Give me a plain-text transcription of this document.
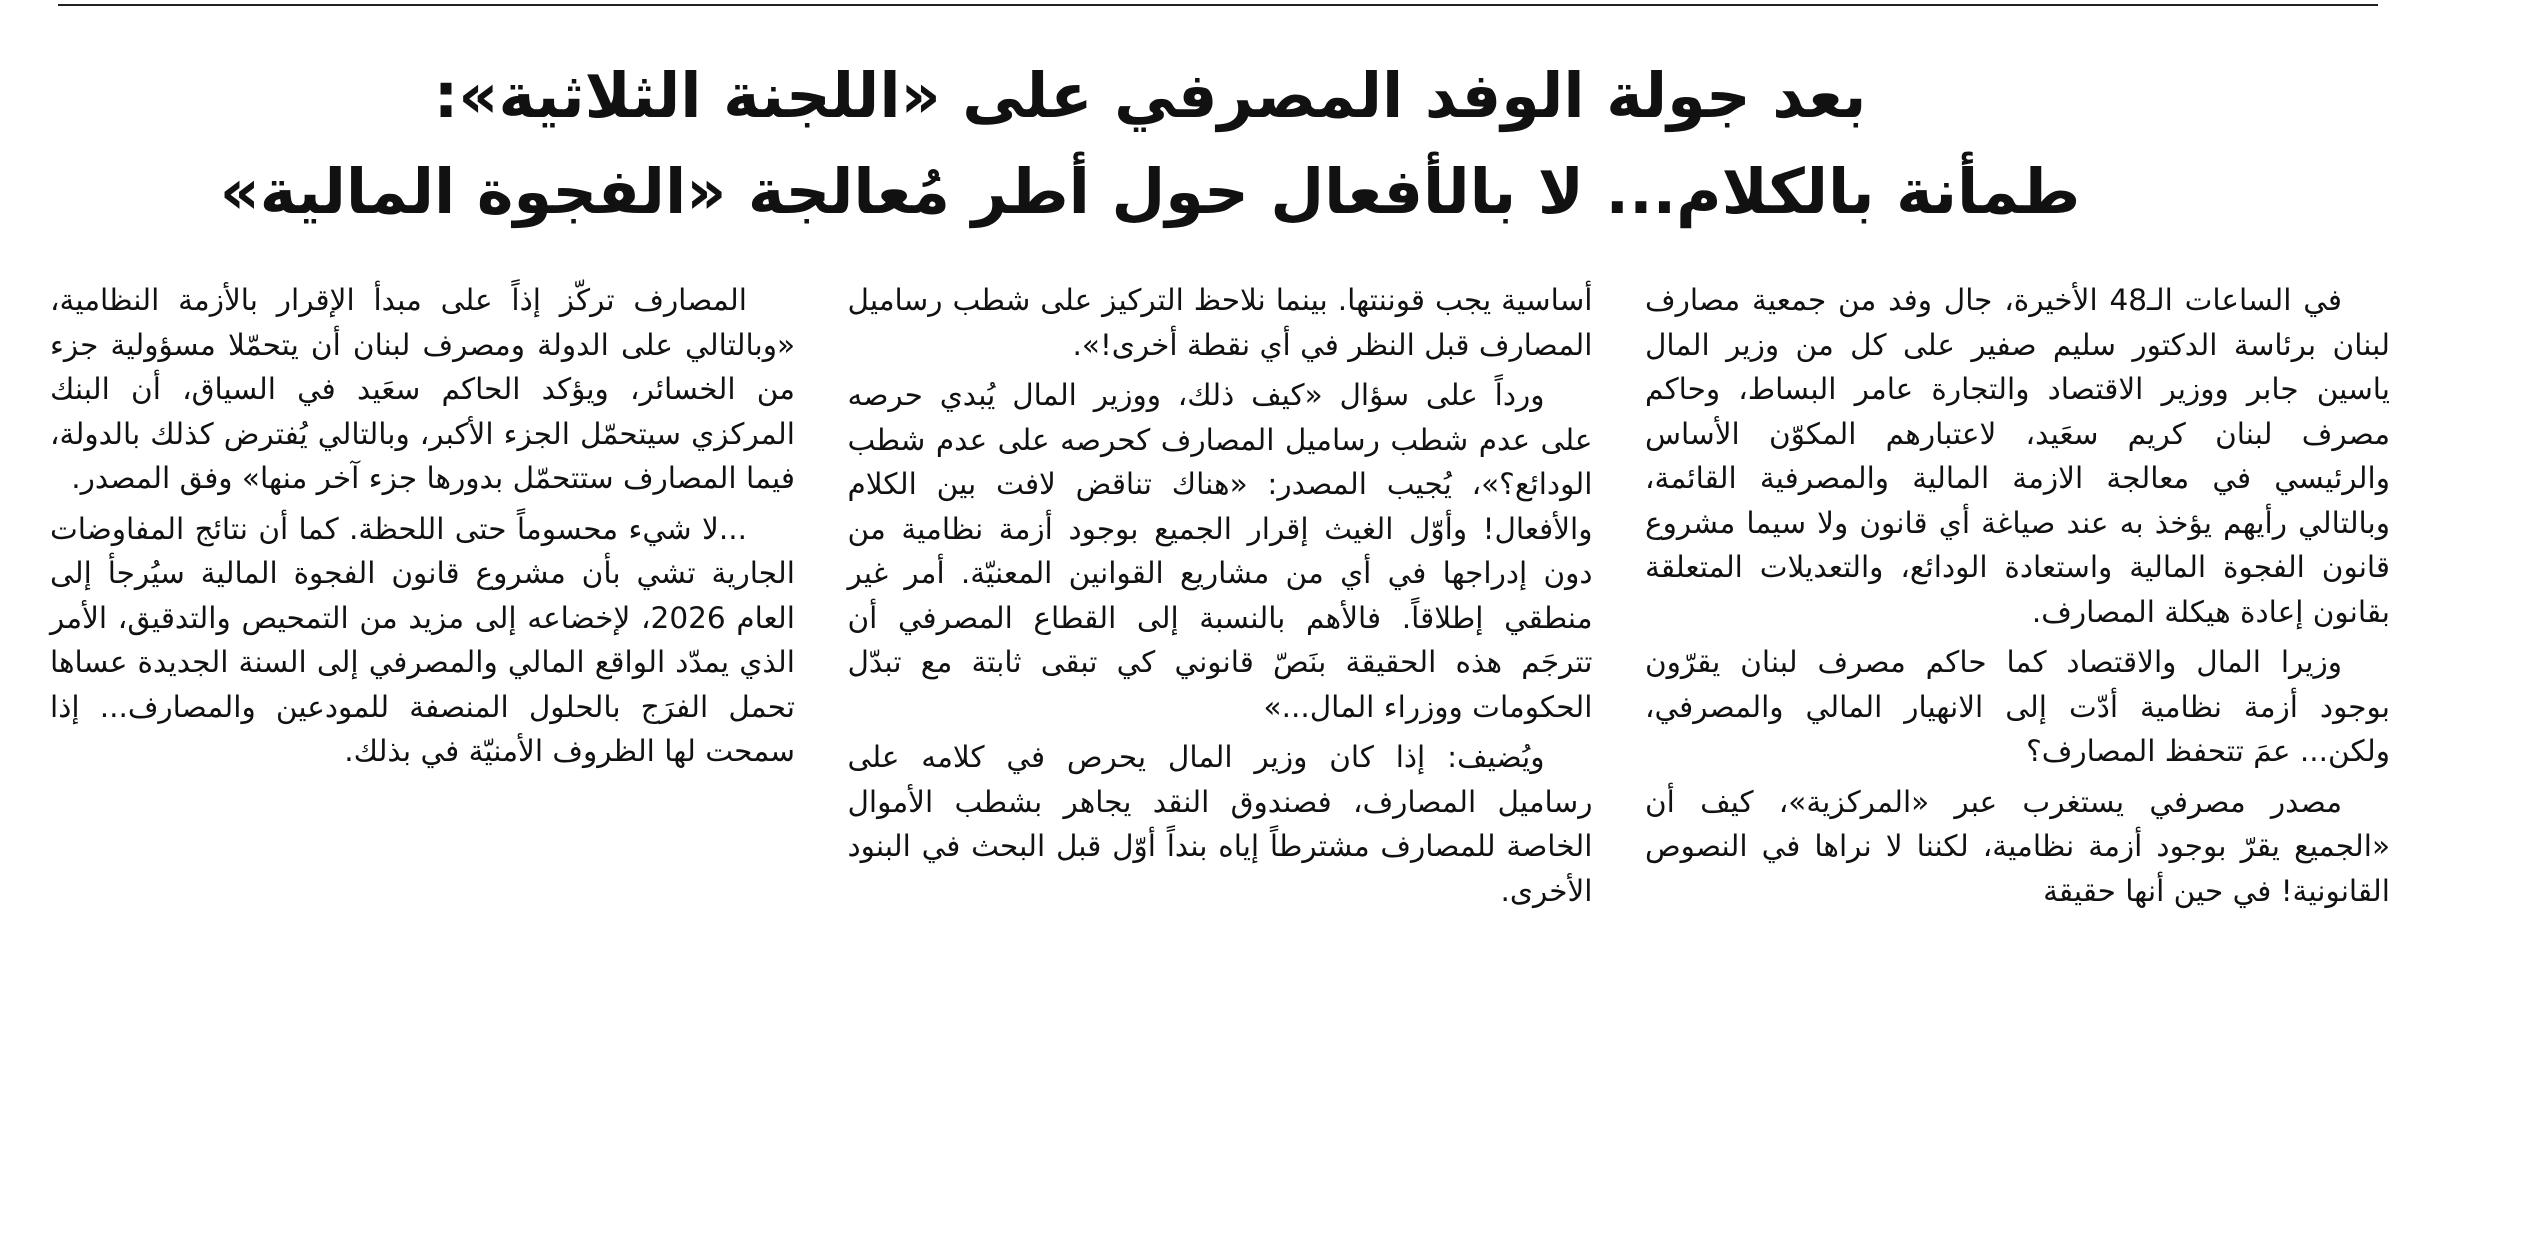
بعد جولة الوفد المصرفي على «اللجنة الثلاثية»:
طمأنة بالكلام... لا بالأفعال حول أطر مُعالجة «الفجوة المالية»

في الساعات الـ48 الأخيرة، جال وفد من جمعية مصارف لبنان برئاسة الدكتور سليم صفير على كل من وزير المال ياسين جابر ووزير الاقتصاد والتجارة عامر البساط، وحاكم مصرف لبنان كريم سعَيد، لاعتبارهم المكوّن الأساس والرئيسي في معالجة الازمة المالية والمصرفية القائمة، وبالتالي رأيهم يؤخذ به عند صياغة أي قانون ولا سيما مشروع قانون الفجوة المالية واستعادة الودائع، والتعديلات المتعلقة بقانون إعادة هيكلة المصارف.

وزيرا المال والاقتصاد كما حاكم مصرف لبنان يقرّون بوجود أزمة نظامية أدّت إلى الانهيار المالي والمصرفي، ولكن... عمَ تتحفظ المصارف؟

مصدر مصرفي يستغرب عبر «المركزية»، كيف أن «الجميع يقرّ بوجود أزمة نظامية، لكننا لا نراها في النصوص القانونية! في حين أنها حقيقة

أساسية يجب قوننتها. بينما نلاحظ التركيز على شطب رساميل المصارف قبل النظر في أي نقطة أخرى!».

ورداً على سؤال «كيف ذلك، ووزير المال يُبدي حرصه على عدم شطب رساميل المصارف كحرصه على عدم شطب الودائع؟»، يُجيب المصدر: «هناك تناقض لافت بين الكلام والأفعال! وأوّل الغيث إقرار الجميع بوجود أزمة نظامية من دون إدراجها في أي من مشاريع القوانين المعنيّة. أمر غير منطقي إطلاقاً. فالأهم بالنسبة إلى القطاع المصرفي أن تترجَم هذه الحقيقة بنَصّ قانوني كي تبقى ثابتة مع تبدّل الحكومات ووزراء المال...»

ويُضيف: إذا كان وزير المال يحرص في كلامه على رساميل المصارف، فصندوق النقد يجاهر بشطب الأموال الخاصة للمصارف مشترطاً إياه بنداً أوّل قبل البحث في البنود الأخرى.

المصارف تركّز إذاً على مبدأ الإقرار بالأزمة النظامية، «وبالتالي على الدولة ومصرف لبنان أن يتحمّلا مسؤولية جزء من الخسائر، ويؤكد الحاكم سعَيد في السياق، أن البنك المركزي سيتحمّل الجزء الأكبر، وبالتالي يُفترض كذلك بالدولة، فيما المصارف ستتحمّل بدورها جزء آخر منها» وفق المصدر.

...لا شيء محسوماً حتى اللحظة. كما أن نتائج المفاوضات الجارية تشي بأن مشروع قانون الفجوة المالية سيُرجأ إلى العام 2026، لإخضاعه إلى مزيد من التمحيص والتدقيق، الأمر الذي يمدّد الواقع المالي والمصرفي إلى السنة الجديدة عساها تحمل الفرَج بالحلول المنصفة للمودعين والمصارف... إذا سمحت لها الظروف الأمنيّة في بذلك.
